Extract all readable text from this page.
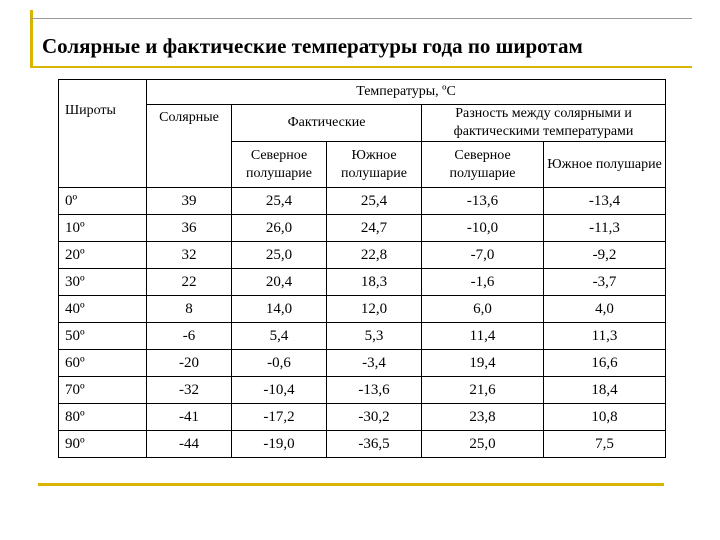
Солярные и фактические температуры года по широтам
Широты	Температуры, ºС				
	Солярные	Фактические		Разность между солярными и фактическими температурами	
		Северное полушарие	Южное полушарие	Северное полушарие	Южное полушарие
0º	39	25,4	25,4	-13,6	-13,4
10º	36	26,0	24,7	-10,0	-11,3
20º	32	25,0	22,8	-7,0	-9,2
30º	22	20,4	18,3	-1,6	-3,7
40º	8	14,0	12,0	6,0	4,0
50º	-6	5,4	5,3	11,4	11,3
60º	-20	-0,6	-3,4	19,4	16,6
70º	-32	-10,4	-13,6	21,6	18,4
80º	-41	-17,2	-30,2	23,8	10,8
90º	-44	-19,0	-36,5	25,0	7,5
